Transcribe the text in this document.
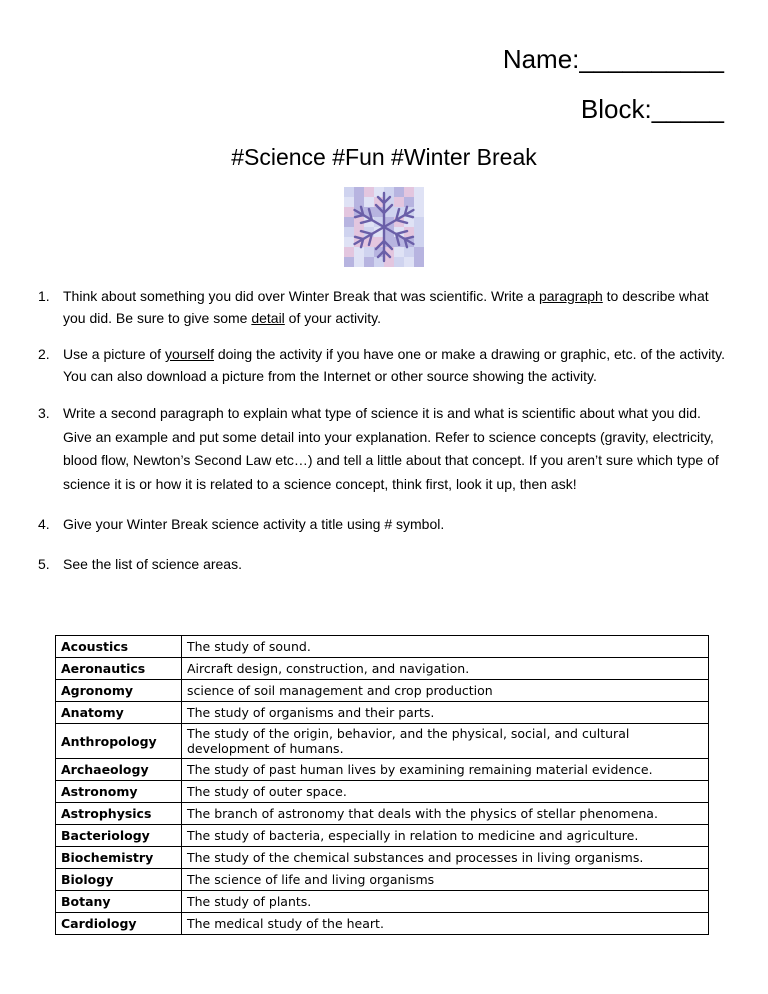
Name:__________
Block:_____
#Science #Fun #Winter Break
1. Think about something you did over Winter Break that was scientific. Write a paragraph to describe what you did. Be sure to give some detail of your activity.
2. Use a picture of yourself doing the activity if you have one or make a drawing or graphic, etc. of the activity. You can also download a picture from the Internet or other source showing the activity.
3. Write a second paragraph to explain what type of science it is and what is scientific about what you did. Give an example and put some detail into your explanation. Refer to science concepts (gravity, electricity, blood flow, Newton’s Second Law etc…) and tell a little about that concept. If you aren’t sure which type of science it is or how it is related to a science concept, think first, look it up, then ask!
4. Give your Winter Break science activity a title using # symbol.
5. See the list of science areas.
Acoustics	The study of sound.
Aeronautics	Aircraft design, construction, and navigation.
Agronomy	science of soil management and crop production
Anatomy	The study of organisms and their parts.
Anthropology	The study of the origin, behavior, and the physical, social, and cultural development of humans.
Archaeology	The study of past human lives by examining remaining material evidence.
Astronomy	The study of outer space.
Astrophysics	The branch of astronomy that deals with the physics of stellar phenomena.
Bacteriology	The study of bacteria, especially in relation to medicine and agriculture.
Biochemistry	The study of the chemical substances and processes in living organisms.
Biology	The science of life and living organisms
Botany	The study of plants.
Cardiology	The medical study of the heart.
